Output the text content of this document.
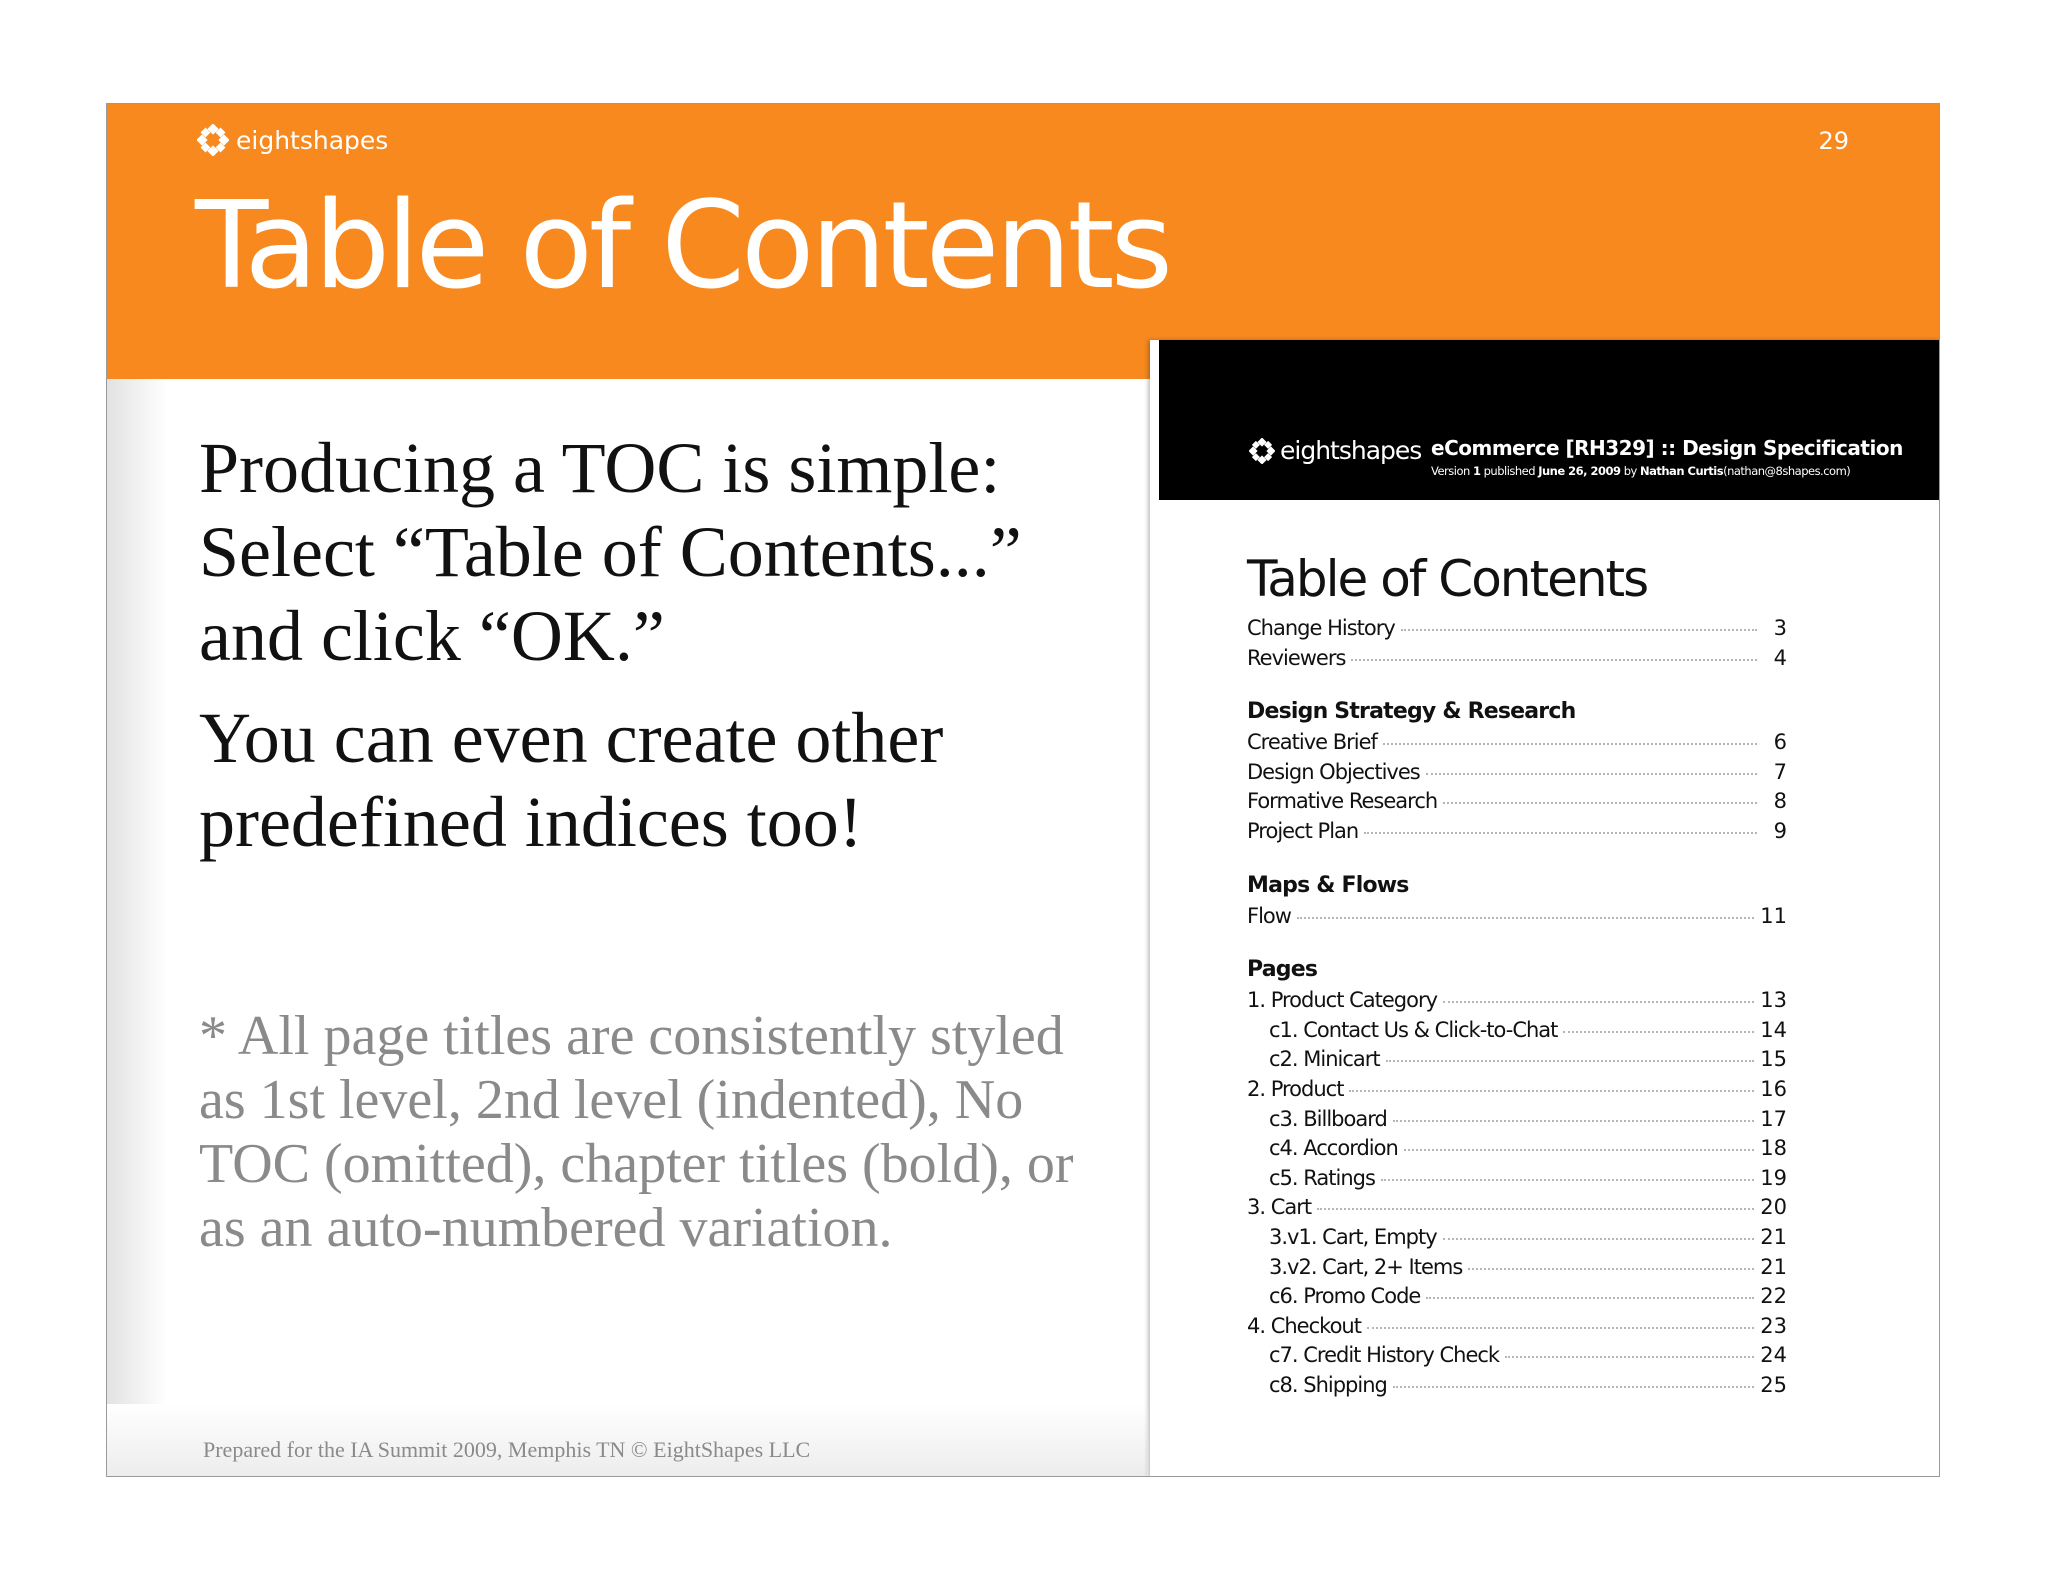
eightshapes	29
Table of Contents

Producing a TOC is simple: Select “Table of Contents...” and click “OK.”

You can even create other predefined indices too!

* All page titles are consistently styled as 1st level, 2nd level (indented), No TOC (omitted), chapter titles (bold), or as an auto-numbered variation.

Prepared for the IA Summit 2009, Memphis TN © EightShapes LLC
eightshapes eCommerce [RH329] :: Design Specification
Version 1 published June 26, 2009 by Nathan Curtis(nathan@8shapes.com)
Table of Contents
Change History	3
Reviewers	4
Design Strategy & Research
Creative Brief	6
Design Objectives	7
Formative Research	8
Project Plan	9
Maps & Flows
Flow	11
Pages
1. Product Category	13
c1. Contact Us & Click-to-Chat	14
c2. Minicart	15
2. Product	16
c3. Billboard	17
c4. Accordion	18
c5. Ratings	19
3. Cart	20
3.v1. Cart, Empty	21
3.v2. Cart, 2+ Items	21
c6. Promo Code	22
4. Checkout	23
c7. Credit History Check	24
c8. Shipping	25
